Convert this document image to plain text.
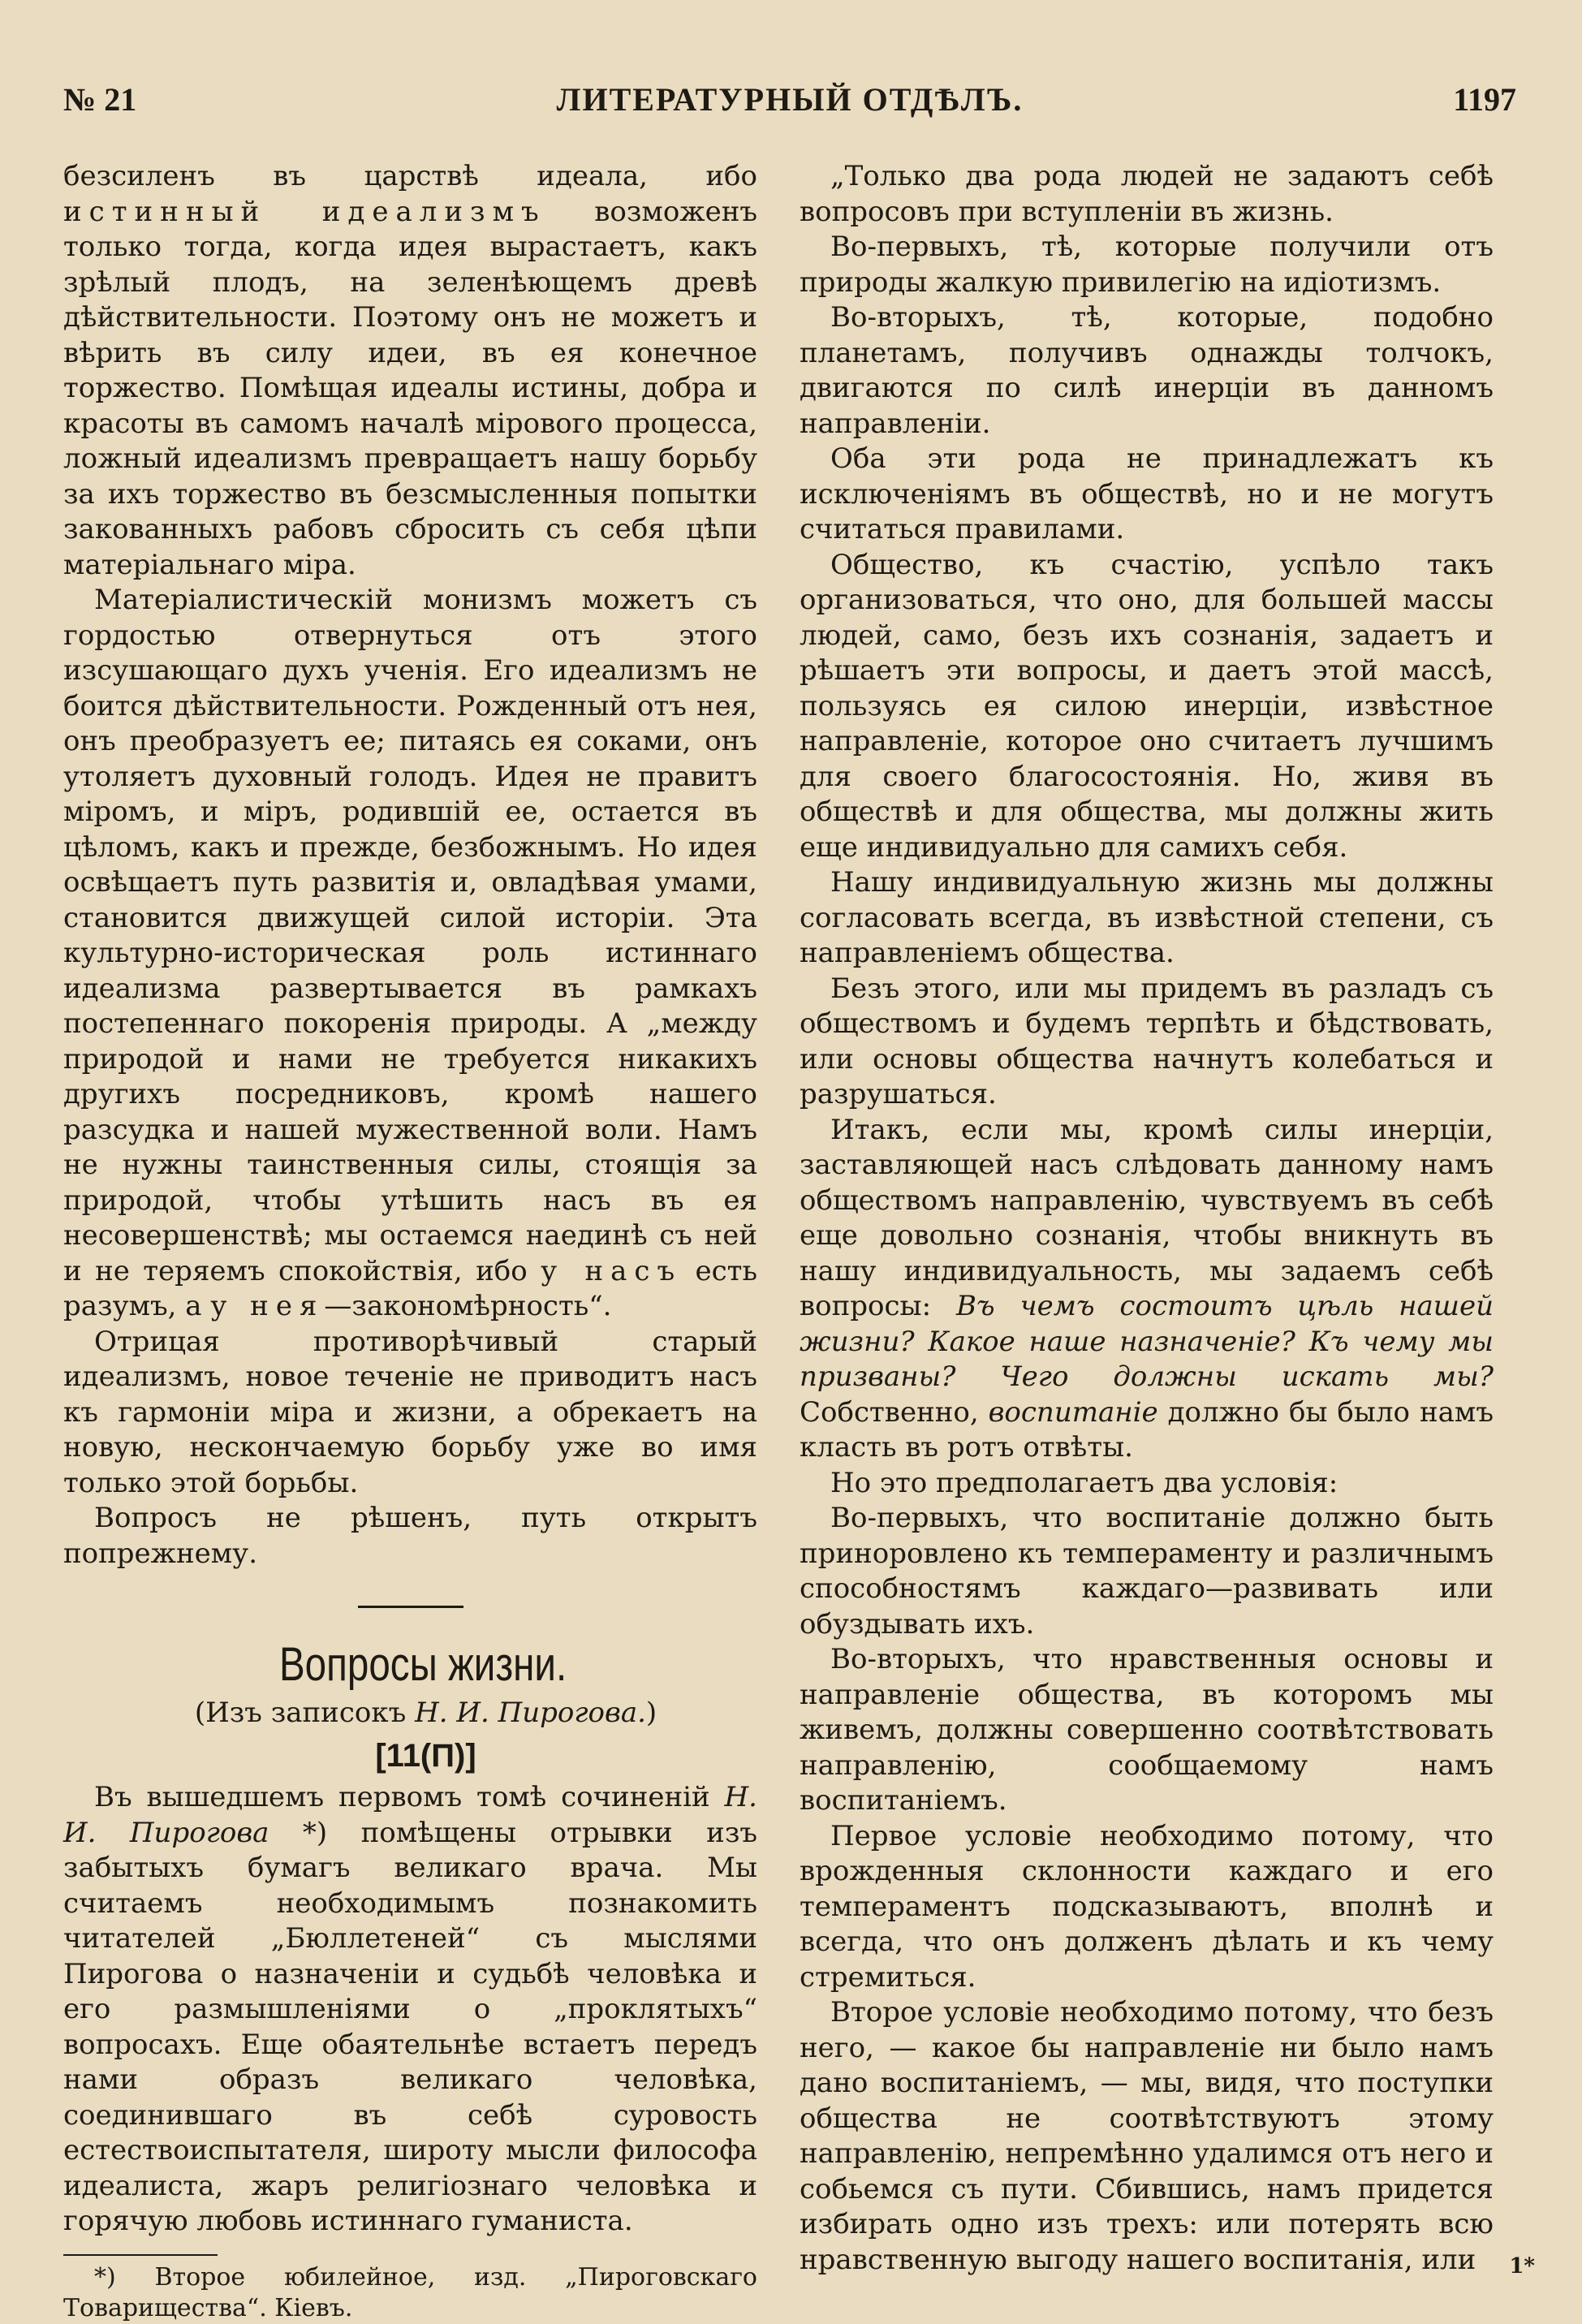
№ 21	ЛИТЕРАТУРНЫЙ ОТДѢЛЪ.	1197

безсиленъ въ царствѣ идеала, ибо истинный идеализмъ возможенъ только тогда, когда идея вырастаетъ, какъ зрѣлый плодъ, на зеленѣющемъ древѣ дѣйствительности. Поэтому онъ не можетъ и вѣрить въ силу идеи, въ ея конечное торжество. Помѣщая идеалы истины, добра и красоты въ самомъ началѣ мірового процесса, ложный идеализмъ превращаетъ нашу борьбу за ихъ торжество въ безсмысленныя попытки закованныхъ рабовъ сбросить съ себя цѣпи матеріальнаго міра.

Матеріалистическій монизмъ можетъ съ гордостью отвернуться отъ этого изсушающаго духъ ученія. Его идеализмъ не боится дѣйствительности. Рожденный отъ нея, онъ преобразуетъ ее; питаясь ея соками, онъ утоляетъ духовный голодъ. Идея не правитъ міромъ, и міръ, родившій ее, остается въ цѣломъ, какъ и прежде, безбожнымъ. Но идея освѣщаетъ путь развитія и, овладѣвая умами, становится движущей силой исторіи. Эта культурно-историческая роль истиннаго идеализма развертывается въ рамкахъ постепеннаго покоренія природы. А „между природой и нами не требуется никакихъ другихъ посредниковъ, кромѣ нашего разсудка и нашей мужественной воли. Намъ не нужны таинственныя силы, стоящія за природой, чтобы утѣшить насъ въ ея несовершенствѣ; мы остаемся наединѣ съ ней и не теряемъ спокойствія, ибо у насъ есть разумъ, а у нея—закономѣрность“.

Отрицая противорѣчивый старый идеализмъ, новое теченіе не приводитъ насъ къ гармоніи міра и жизни, а обрекаетъ на новую, нескончаемую борьбу уже во имя только этой борьбы.

Вопросъ не рѣшенъ, путь открытъ попрежнему.

Вопросы жизни.

(Изъ записокъ Н. И. Пирогова.)

[11(П)]

Въ вышедшемъ первомъ томѣ сочиненій Н. И. Пирогова *) помѣщены отрывки изъ забытыхъ бумагъ великаго врача. Мы считаемъ необходимымъ познакомить читателей „Бюллетеней“ съ мыслями Пирогова о назначеніи и судьбѣ человѣка и его размышленіями о „проклятыхъ“ вопросахъ. Еще обаятельнѣе встаетъ передъ нами образъ великаго человѣка, соединившаго въ себѣ суровость естествоиспытателя, широту мысли философа идеалиста, жаръ религіознаго человѣка и горячую любовь истиннаго гуманиста.

*) Второе юбилейное, изд. „Пироговскаго Товарищества“. Кіевъ.

„Только два рода людей не задаютъ себѣ вопросовъ при вступленіи въ жизнь.

Во-первыхъ, тѣ, которые получили отъ природы жалкую привилегію на идіотизмъ.

Во-вторыхъ, тѣ, которые, подобно планетамъ, получивъ однажды толчокъ, двигаются по силѣ инерціи въ данномъ направленіи.

Оба эти рода не принадлежатъ къ исключеніямъ въ обществѣ, но и не могутъ считаться правилами.

Общество, къ счастію, успѣло такъ организоваться, что оно, для большей массы людей, само, безъ ихъ сознанія, задаетъ и рѣшаетъ эти вопросы, и даетъ этой массѣ, пользуясь ея силою инерціи, извѣстное направленіе, которое оно считаетъ лучшимъ для своего благосостоянія. Но, живя въ обществѣ и для общества, мы должны жить еще индивидуально для самихъ себя.

Нашу индивидуальную жизнь мы должны согласовать всегда, въ извѣстной степени, съ направленіемъ общества.

Безъ этого, или мы придемъ въ разладъ съ обществомъ и будемъ терпѣть и бѣдствовать, или основы общества начнутъ колебаться и разрушаться.

Итакъ, если мы, кромѣ силы инерціи, заставляющей насъ слѣдовать данному намъ обществомъ направленію, чувствуемъ въ себѣ еще довольно сознанія, чтобы вникнуть въ нашу индивидуальность, мы задаемъ себѣ вопросы: Въ чемъ состоитъ цѣль нашей жизни? Какое наше назначеніе? Къ чему мы призваны? Чего должны искать мы? Собственно, воспитаніе должно бы было намъ класть въ ротъ отвѣты.

Но это предполагаетъ два условія:

Во-первыхъ, что воспитаніе должно быть приноровлено къ темпераменту и различнымъ способностямъ каждаго—развивать или обуздывать ихъ.

Во-вторыхъ, что нравственныя основы и направленіе общества, въ которомъ мы живемъ, должны совершенно соотвѣтствовать направленію, сообщаемому намъ воспитаніемъ.

Первое условіе необходимо потому, что врожденныя склонности каждаго и его темпераментъ подсказываютъ, вполнѣ и всегда, что онъ долженъ дѣлать и къ чему стремиться.

Второе условіе необходимо потому, что безъ него, — какое бы направленіе ни было намъ дано воспитаніемъ, — мы, видя, что поступки общества не соотвѣтствуютъ этому направленію, непремѣнно удалимся отъ него и собьемся съ пути. Сбившись, намъ придется избирать одно изъ трехъ: или потерять всю нравственную выгоду нашего воспитанія, или	1*
